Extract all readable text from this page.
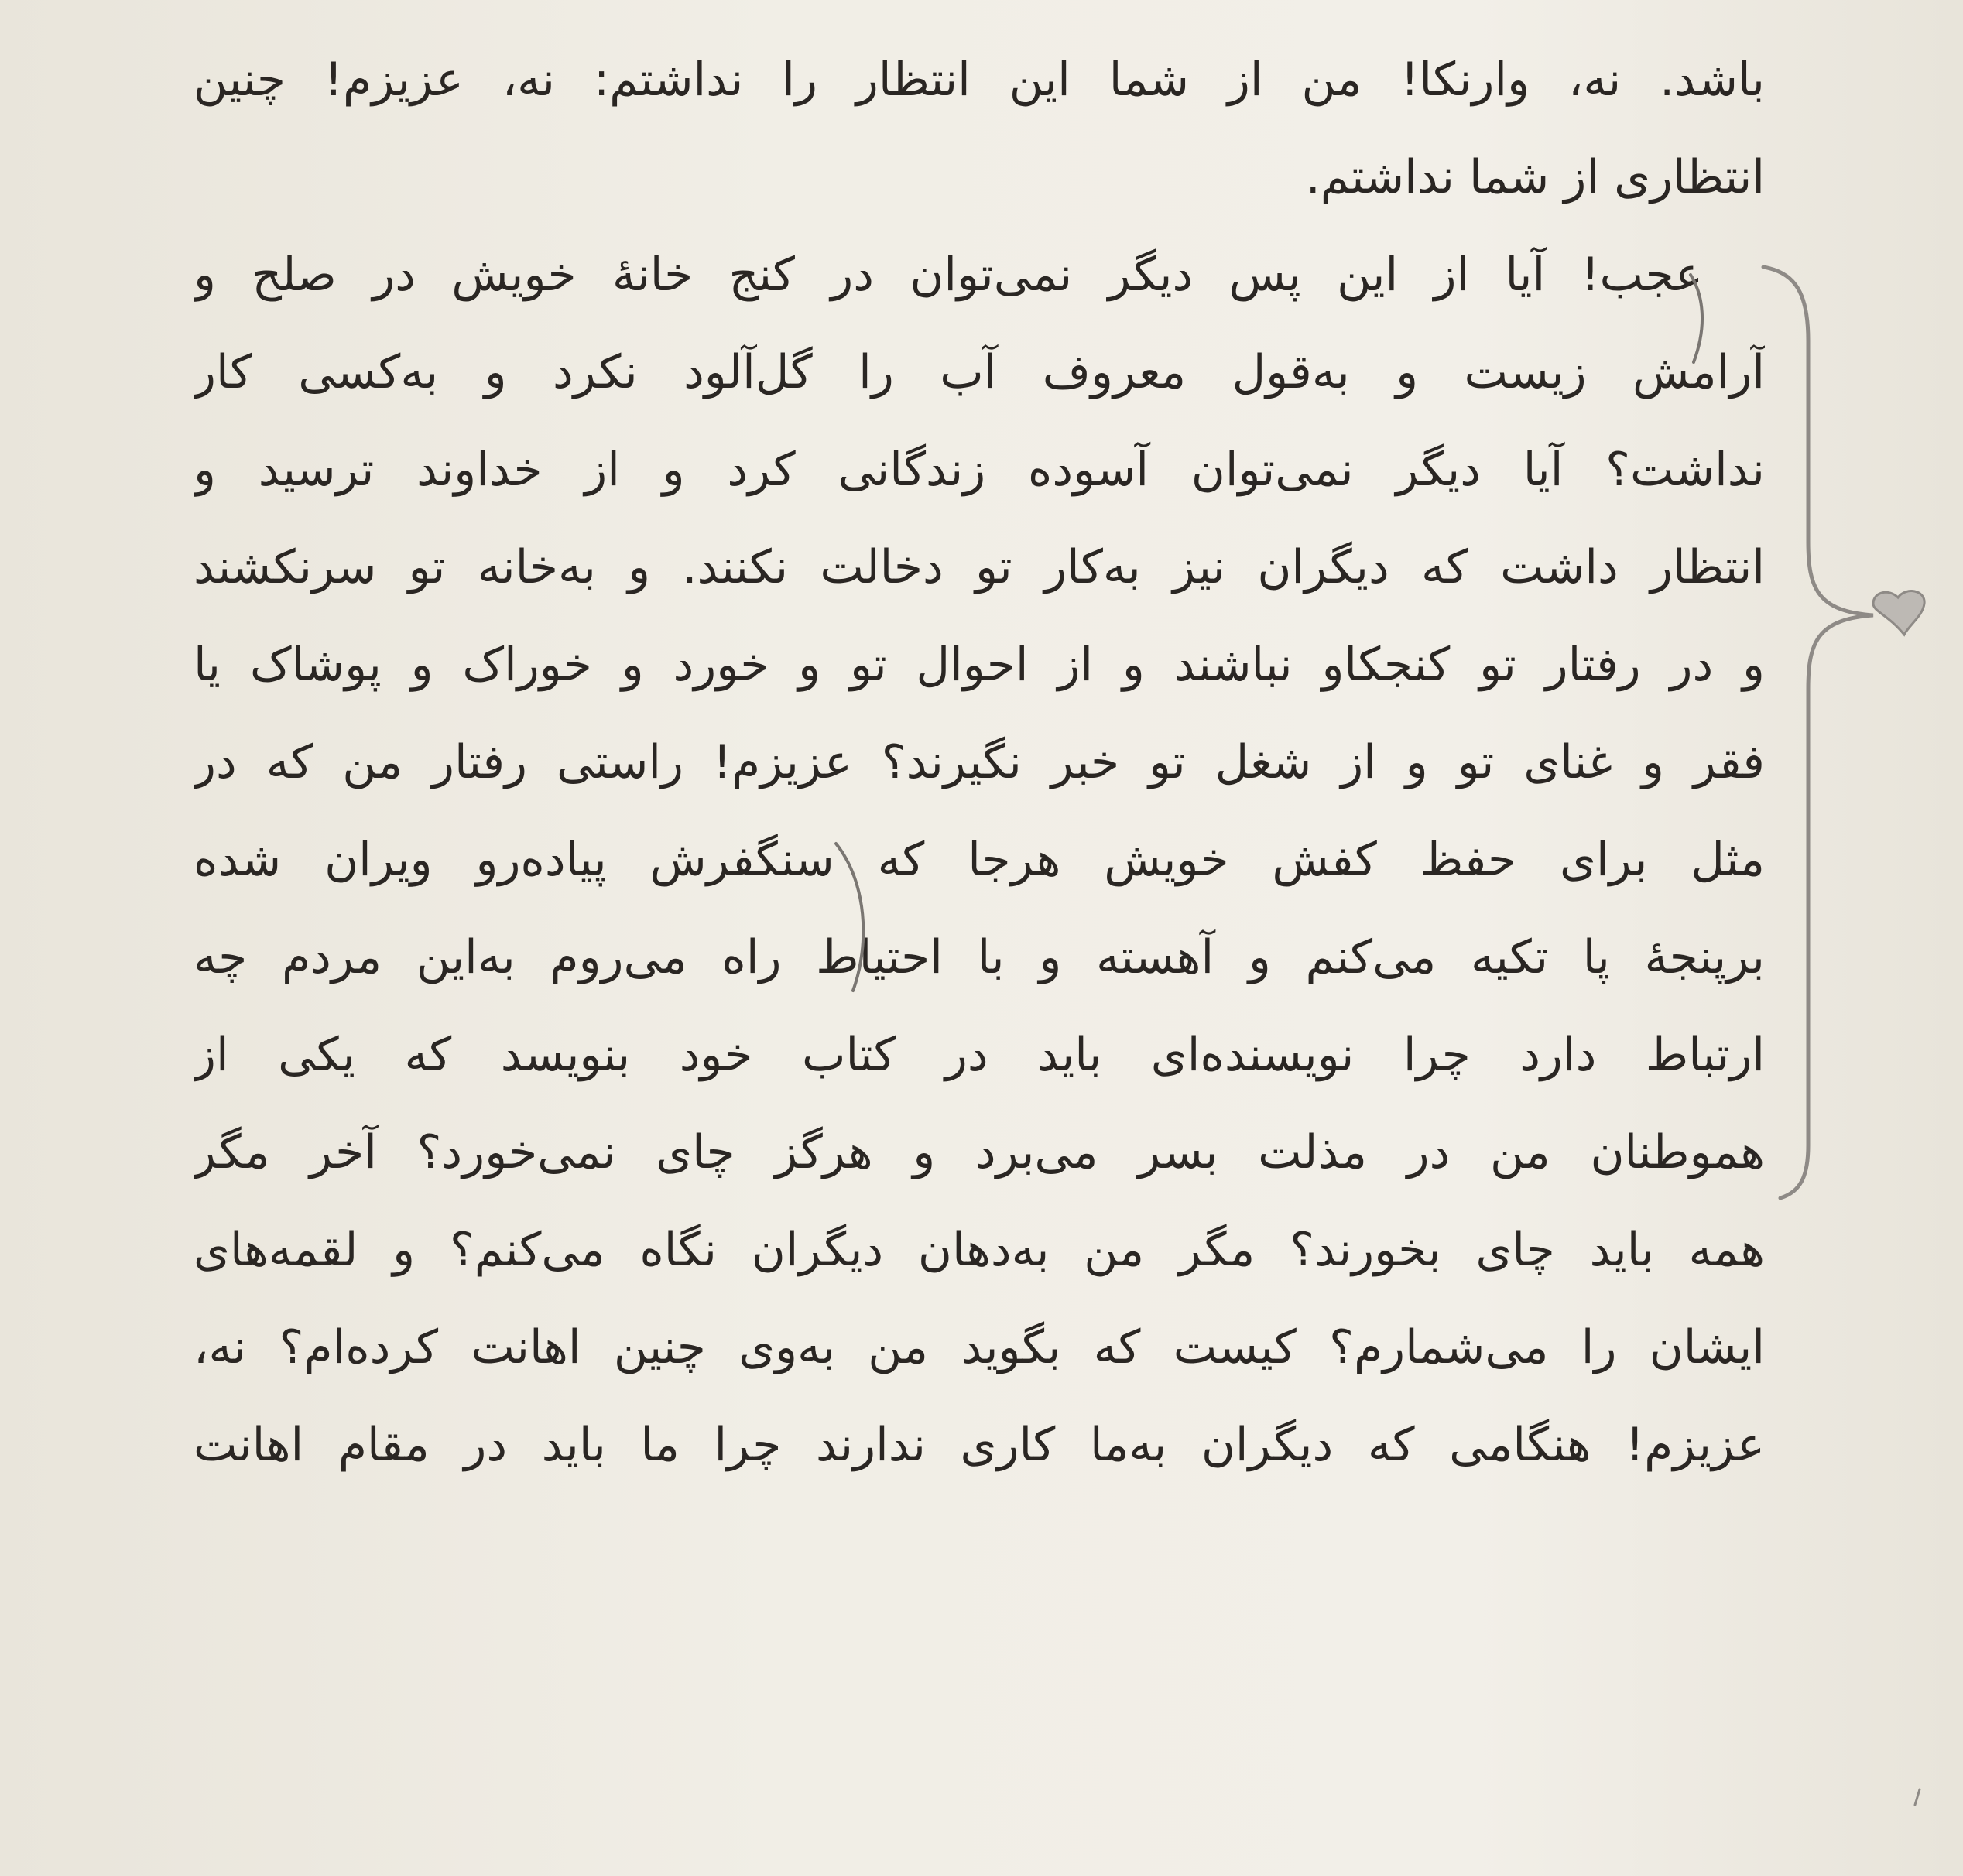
باشد. نه، وارنکا! من از شما این انتظار را نداشتم: نه، عزیزم! چنین
انتظاری از شما نداشتم.
عجب! آیا از این پس دیگر نمی‌توان در کنج خانهٔ خویش در صلح و
آرامش زیست و به‌قول معروف آب را گل‌آلود نکرد و به‌کسی کار
نداشت؟ آیا دیگر نمی‌توان آسوده زندگانی کرد و از خداوند ترسید و
انتظار داشت که دیگران نیز به‌کار تو دخالت نکنند. و به‌خانه تو سرنکشند
و در رفتار تو کنجکاو نباشند و از احوال تو و خورد و خوراک و پوشاک یا
فقر و غنای تو و از شغل تو خبر نگیرند؟ عزیزم! راستی رفتار من که در
مثل برای حفظ کفش خویش هرجا که سنگفرش پیاده‌رو ویران شده
برپنجهٔ پا تکیه می‌کنم و آهسته و با احتیاط راه می‌روم به‌این مردم چه
ارتباط دارد چرا نویسنده‌ای باید در کتاب خود بنویسد که یکی از
هموطنان من در مذلت بسر می‌برد و هرگز چای نمی‌خورد؟ آخر مگر
همه باید چای بخورند؟ مگر من به‌دهان دیگران نگاه می‌کنم؟ و لقمه‌های
ایشان را می‌شمارم؟ کیست که بگوید من به‌وی چنین اهانت کرده‌ام؟ نه،
عزیزم! هنگامی که دیگران به‌ما کاری ندارند چرا ما باید در مقام اهانت
